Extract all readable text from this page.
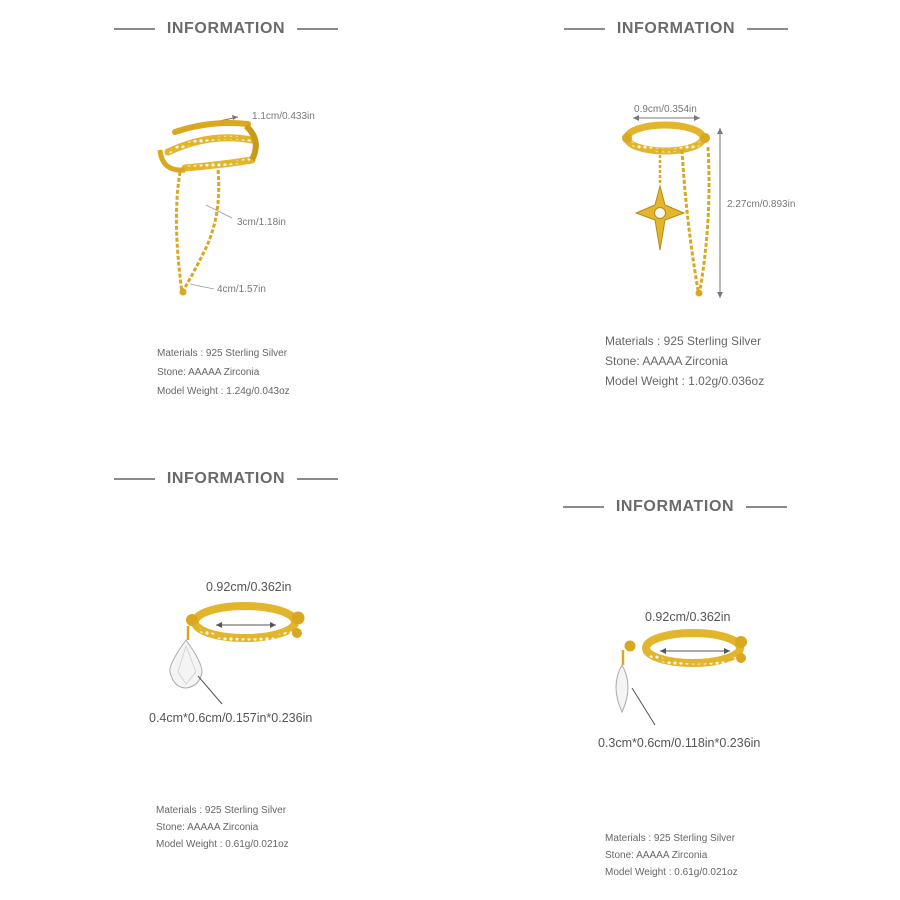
INFORMATION
1.1cm/0.433in
3cm/1.18in
4cm/1.57in
Materials : 925 Sterling Silver
Stone: AAAAA Zirconia
Model Weight : 1.24g/0.043oz
INFORMATION
0.9cm/0.354in
2.27cm/0.893in
Materials : 925 Sterling Silver
Stone: AAAAA Zirconia
Model Weight : 1.02g/0.036oz
INFORMATION
0.92cm/0.362in
0.4cm*0.6cm/0.157in*0.236in
Materials : 925 Sterling Silver
Stone: AAAAA Zirconia
Model Weight : 0.61g/0.021oz
INFORMATION
0.92cm/0.362in
0.3cm*0.6cm/0.118in*0.236in
Materials : 925 Sterling Silver
Stone: AAAAA Zirconia
Model Weight : 0.61g/0.021oz
